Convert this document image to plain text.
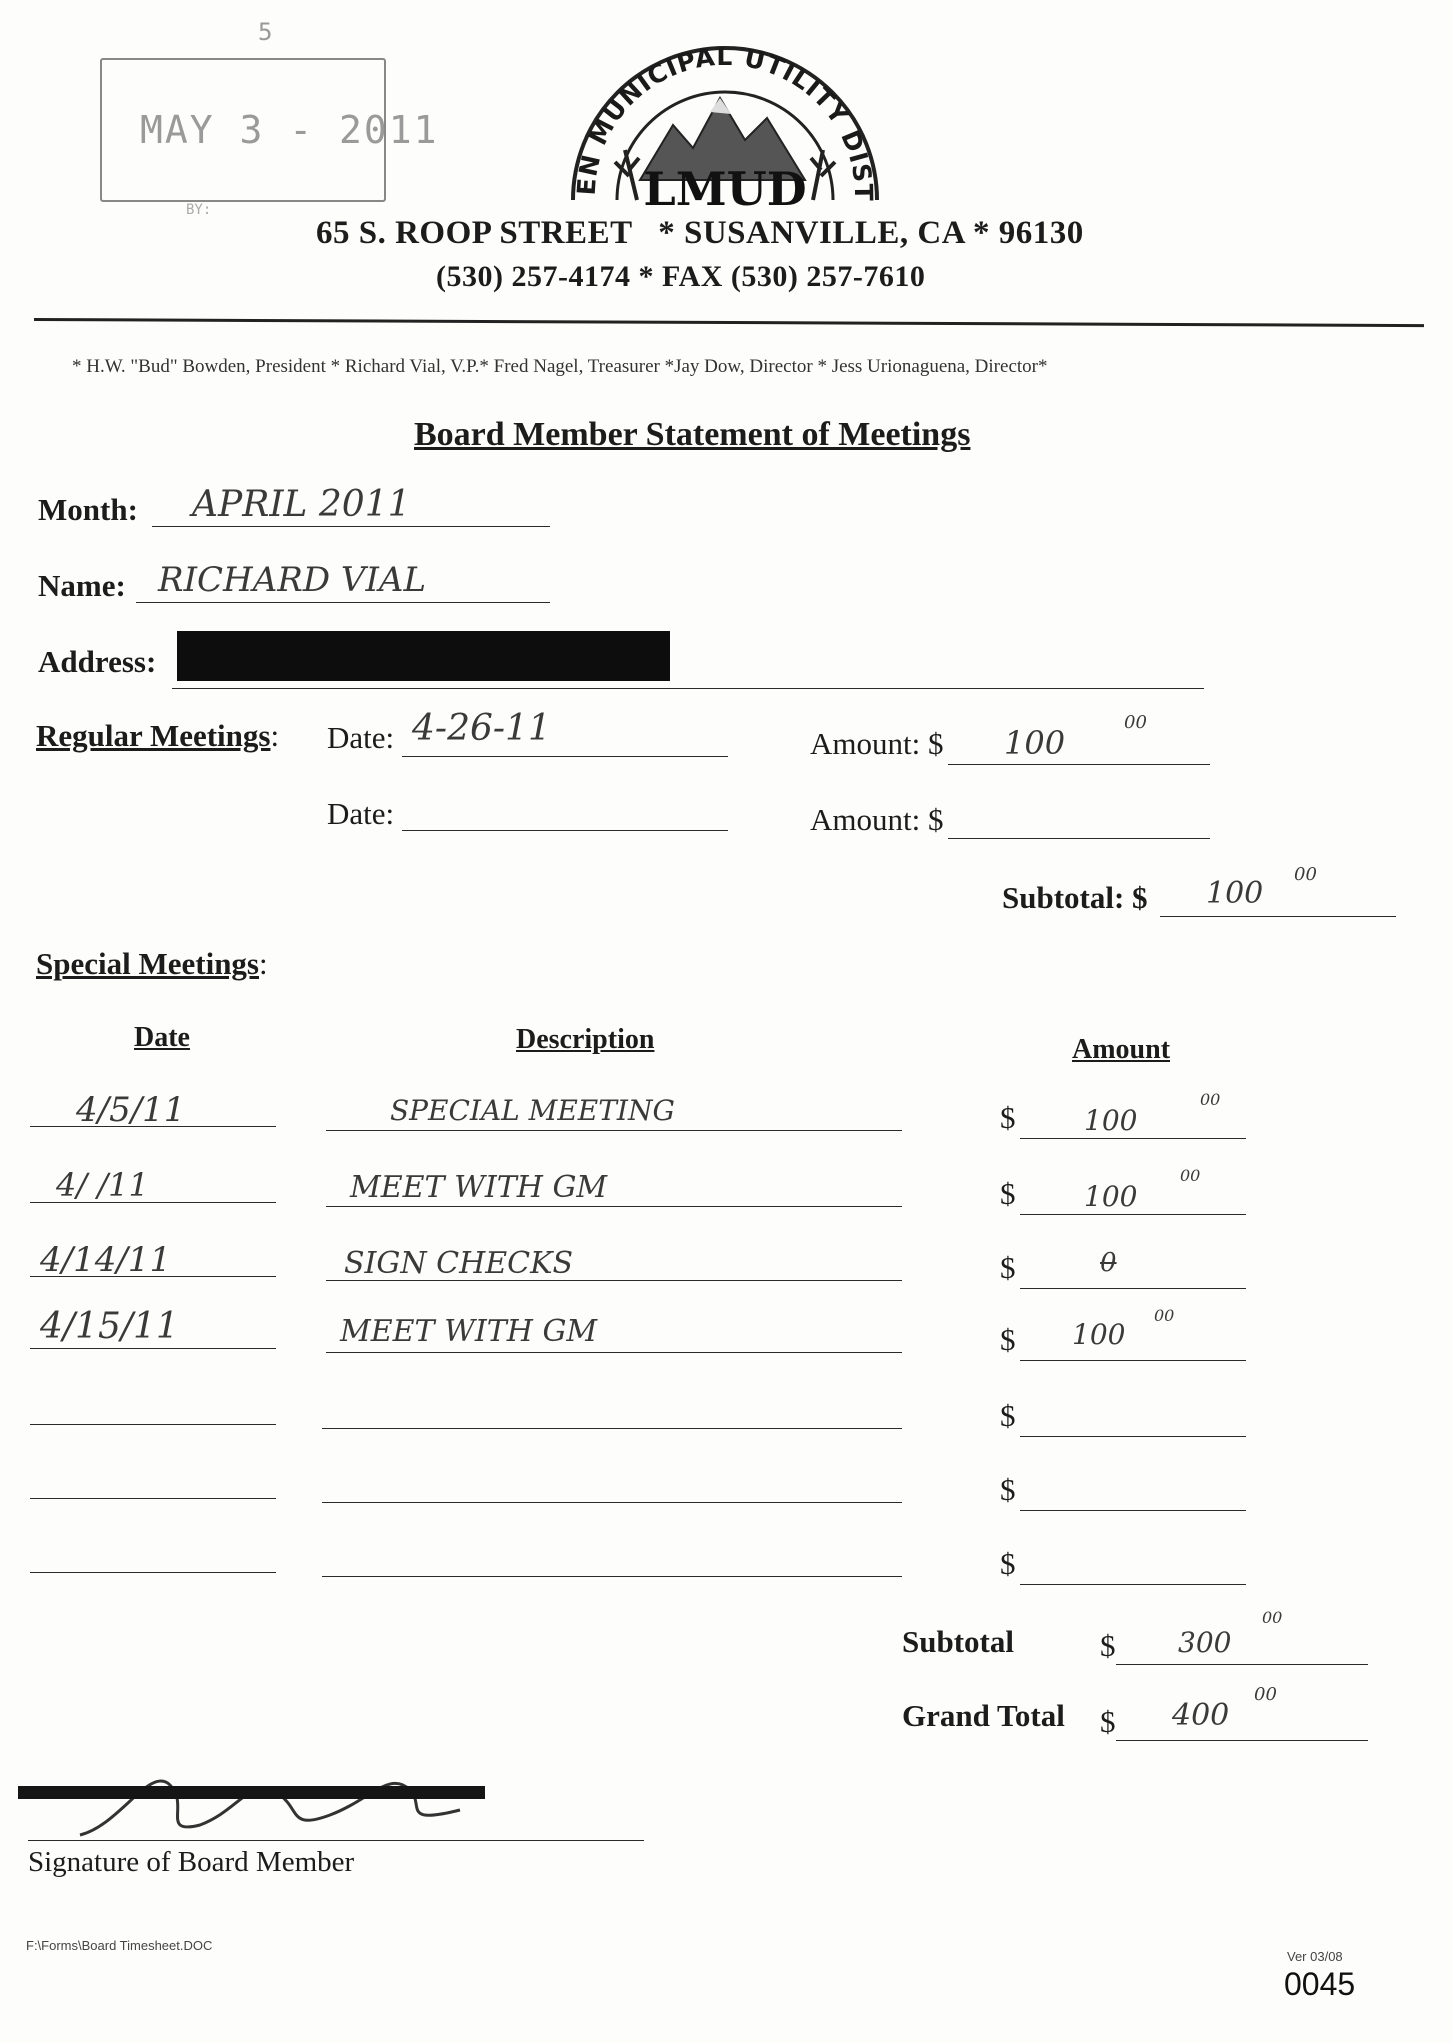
5
MAY 3 - 2011
BY:
EN MUNICIPAL UTILITY DIST
LMUD
65 S. ROOP STREET   * SUSANVILLE, CA * 96130
(530) 257-4174 * FAX (530) 257-7610
* H.W. "Bud" Bowden, President * Richard Vial, V.P.* Fred Nagel, Treasurer *Jay Dow, Director * Jess Urionaguena, Director*
Board Member Statement of Meetings
Month: APRIL 2011
Name: RICHARD VIAL
Address:
Regular Meetings: Date: 4-26-11	Amount: $ 100
00
Date:	Amount: $
Subtotal: $ 100
00
Special Meetings:
Date	Description	Amount
4/5/11	SPECIAL MEETING	$ 100
00
4/ /11	MEET WITH GM	$ 100
00
4/14/11	SIGN CHECKS	$	0
4/15/11	MEET WITH GM	$ 100
00
$
$
$
Subtotal	$ 300
00
Grand Total $ 400
00
Signature of Board Member
F:\Forms\Board Timesheet.DOC
Ver 03/08
0045
